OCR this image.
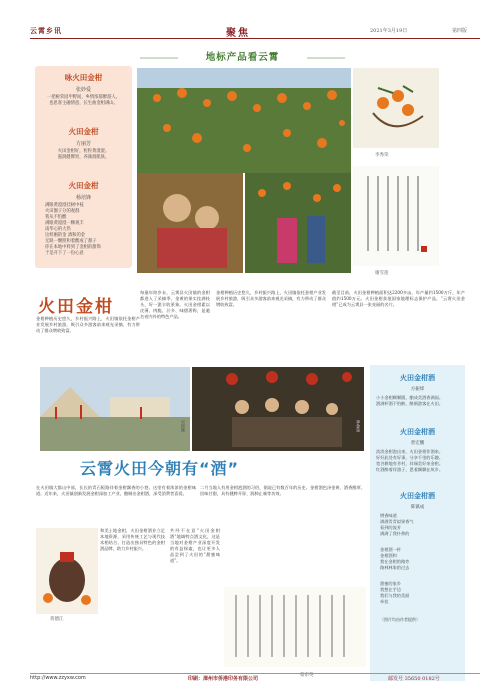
云霄乡讯	聚焦	2021年3月19日	第四版
地标产品看云霄
咏火田金柑
张妙爱
一把树荣园甲野间，乡情浓郁醉游人。
也思客主融情意，长生曲金柑满山。
火田金柑
方丽芳
火田金柑好，粒粒黄澄澄。
滋润健脾胃，养颜润肌肤。
火田金柑
杨培锋
满眼黄澄澄挂树中枝
火田圈子分的观群
我从不怕酸
满眼黄澄澄一颗观丰
南华心的大热
这样刚的金 酒和的金
无缺一颗照和着酸成了甜子
你在本地中料到了金柑的甜饰
于是开下了一份心意
李秀荣
谢雪莲
火田金柑
每逢年终岁末，云霄县火田镇的金柑都进入了采摘季，金黄的果实挂满枝头，好一派丰收景象。火田金柑素以皮薄、肉脆、汁多、味甜著称，是驰名省内外的特色产品。
金柑种植历史悠久，乡村振兴路上，火田镇依托金柑产业发展乡村旅游，吸引众多游客前来观光采摘，有力带动了群众增收致富。
金柑种植历史悠久，乡村振兴路上，火田镇依托金柑产业发展乡村旅游，吸引众多游客前来观光采摘，有力带动了群众增收致富。
截至目前，火田金柑种植面积达2200多亩，年产量约1500万斤，年产值约1500万元。火田金柑获批国家地理标志保护产品，“云霄火田金柑”已成为云霄县一张亮丽的名片。
吴锦顺	李金良
云霄火田今朝有“酒”
在火田镇大都山中部，长长的青石板路伴着金柑飘香的小巷，这里有着浓浓的金柑味道。近年来，火田镇创新发展金柑深加工产业，酿制出金柑酒，深受消费者喜爱。
二月当地人有用金柑泡酒的习俗，据说已有数百年的历史。金柑酒色泽金黄、酒香醇厚、回味甘甜，具有健脾开胃、润肺止咳等功效。
和美土地金柑，火田金柑酒业立足本地资源，采用传统工艺与现代技术相结合，打造出独具特色的金柑酒品牌，助力乡村振兴。
共经不在意“火田金柑酒”地域特点酒文化，这是当地对金柑产业深度开发的有益探索，也让更多人品尝到了火田的“甜蜜味道”。
蒋德江
蔡东英
火田金柑酒
方振烽
小小金柑颗颗圆，酿成美酒香满园。
酒满杯酒不怕醉，醉倒游客在火田。
火田金柑酒
曾宏鹏
淡淡金柑泡出来，火田金柑作酒来。
好好此处有好事，分享千里的乐趣。
宽谷耕地有芳村，祥瑞美好来金柑。
红酒醉着伴游子，恩着飘飘在故乡。
火田金柑酒
陈镇成
增香味道
满满青青似果香气
看到的流芳
满满了我扑鼻的
金柑酒一杯
金柑酒和
我在金柑的路旁
路林林家的过去
甜蜜的家乡
我想在手边
我们与我的美丽
牵挂
（图片均由作者提供）
http://www.zzyxw.com	印刷：漳州市侨港印务有限公司	邮发号 35650 0182号
